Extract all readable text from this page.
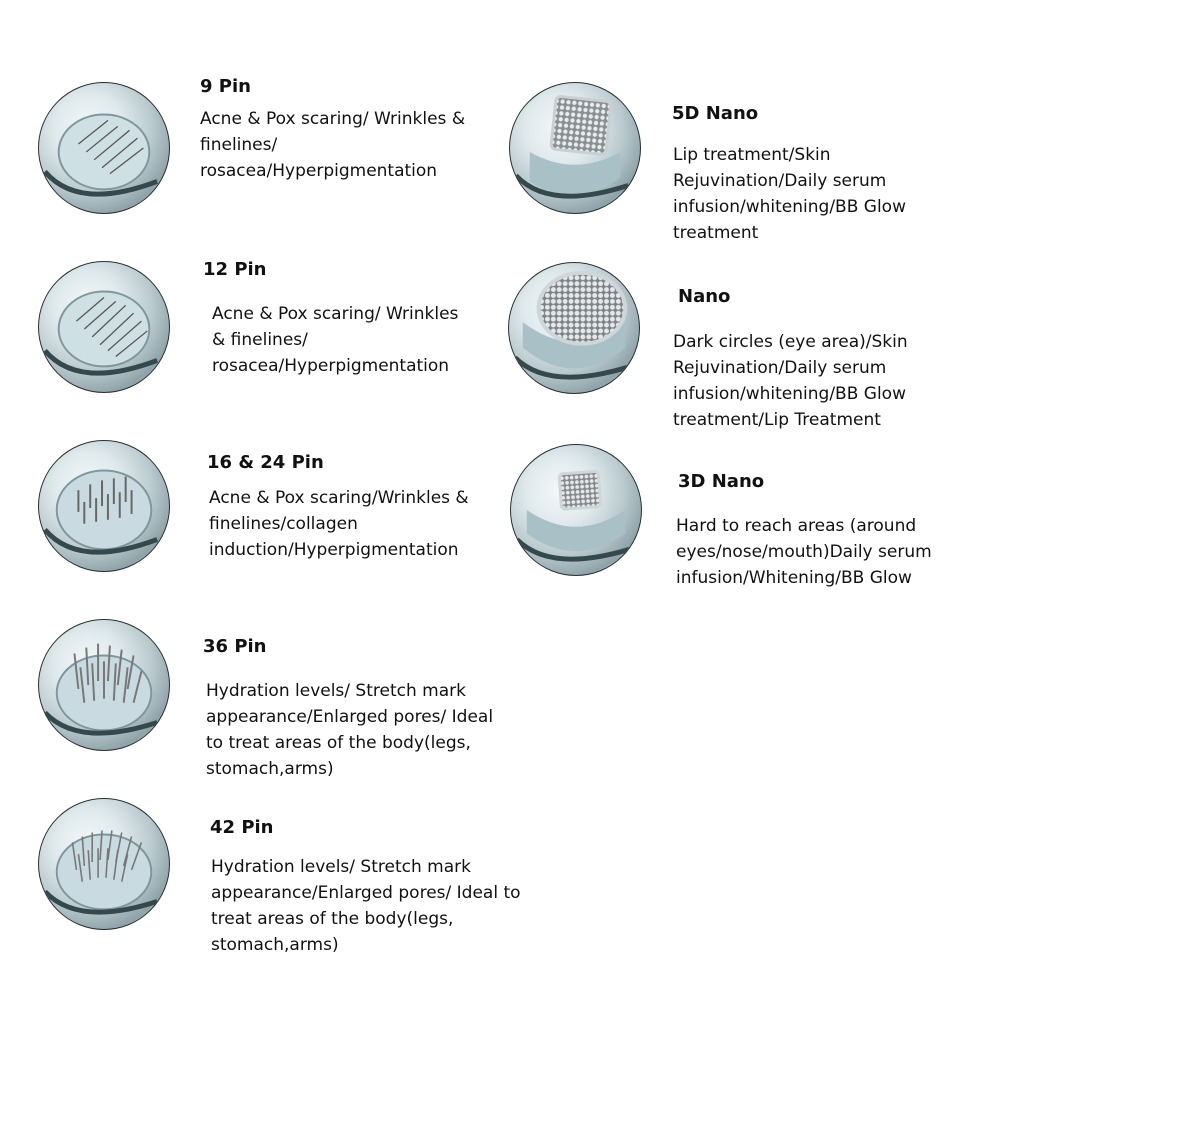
9 Pin
Acne & Pox scaring/ Wrinkles &
finelines/
rosacea/Hyperpigmentation
12 Pin
Acne & Pox scaring/ Wrinkles
& finelines/
rosacea/Hyperpigmentation
16 & 24 Pin
Acne & Pox scaring/Wrinkles &
finelines/collagen
induction/Hyperpigmentation
36 Pin
Hydration levels/ Stretch mark
appearance/Enlarged pores/ Ideal
to treat areas of the body(legs,
stomach,arms)
42 Pin
Hydration levels/ Stretch mark
appearance/Enlarged pores/ Ideal to
treat areas of the body(legs,
stomach,arms)
5D Nano
Lip treatment/Skin
Rejuvination/Daily serum
infusion/whitening/BB Glow
treatment
Nano
Dark circles (eye area)/Skin
Rejuvination/Daily serum
infusion/whitening/BB Glow
treatment/Lip Treatment
3D Nano
Hard to reach areas (around
eyes/nose/mouth)Daily serum
infusion/Whitening/BB Glow
